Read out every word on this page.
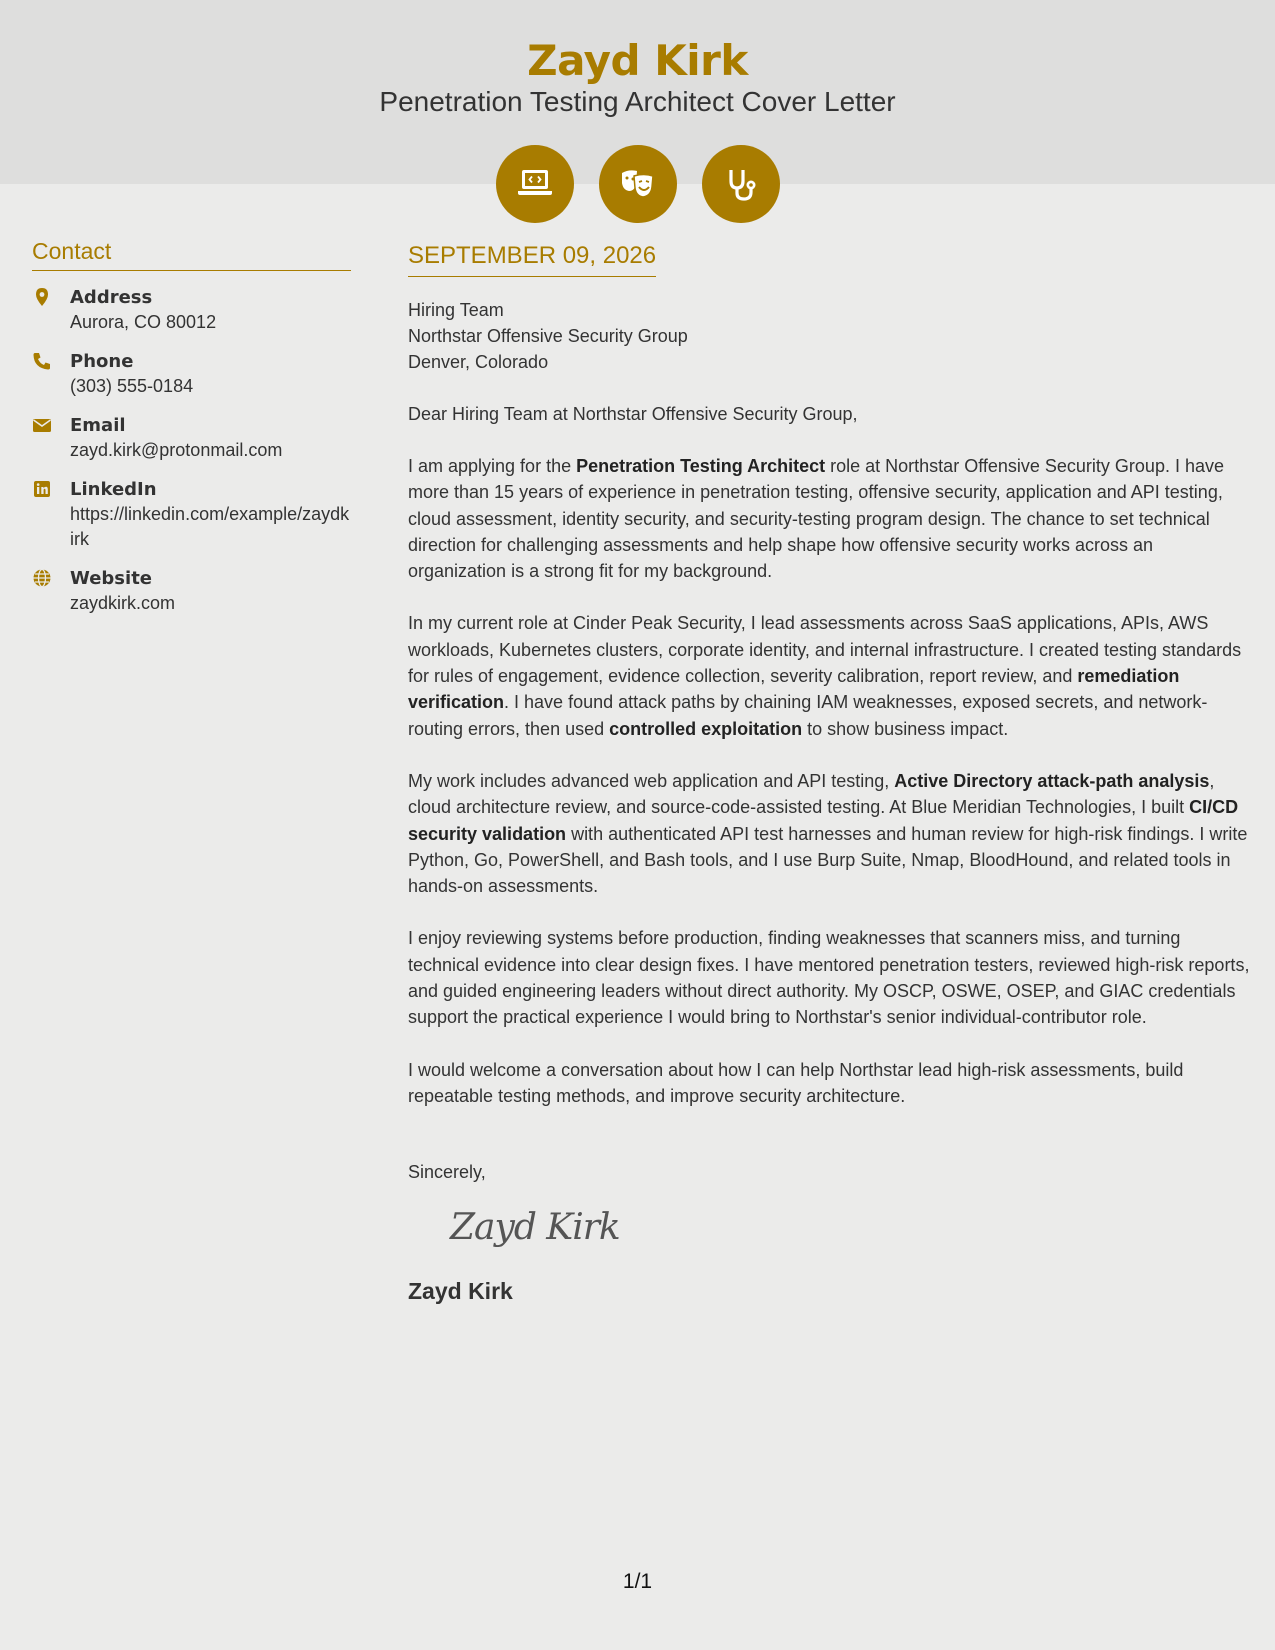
Zayd Kirk
Penetration Testing Architect Cover Letter
Contact
Address
Aurora, CO 80012
Phone
(303) 555-0184
Email
zayd.kirk@protonmail.com
LinkedIn
https://linkedin.com/example/zaydkirk
Website
zaydkirk.com
SEPTEMBER 09, 2026
Hiring Team
Northstar Offensive Security Group
Denver, Colorado
Dear Hiring Team at Northstar Offensive Security Group,

I am applying for the Penetration Testing Architect role at Northstar Offensive Security Group. I have more than 15 years of experience in penetration testing, offensive security, application and API testing, cloud assessment, identity security, and security-testing program design. The chance to set technical direction for challenging assessments and help shape how offensive security works across an organization is a strong fit for my background.

In my current role at Cinder Peak Security, I lead assessments across SaaS applications, APIs, AWS workloads, Kubernetes clusters, corporate identity, and internal infrastructure. I created testing standards for rules of engagement, evidence collection, severity calibration, report review, and remediation verification. I have found attack paths by chaining IAM weaknesses, exposed secrets, and network-routing errors, then used controlled exploitation to show business impact.

My work includes advanced web application and API testing, Active Directory attack-path analysis, cloud architecture review, and source-code-assisted testing. At Blue Meridian Technologies, I built CI/CD security validation with authenticated API test harnesses and human review for high-risk findings. I write Python, Go, PowerShell, and Bash tools, and I use Burp Suite, Nmap, BloodHound, and related tools in hands-on assessments.

I enjoy reviewing systems before production, finding weaknesses that scanners miss, and turning technical evidence into clear design fixes. I have mentored penetration testers, reviewed high-risk reports, and guided engineering leaders without direct authority. My OSCP, OSWE, OSEP, and GIAC credentials support the practical experience I would bring to Northstar's senior individual-contributor role.

I would welcome a conversation about how I can help Northstar lead high-risk assessments, build repeatable testing methods, and improve security architecture.

Sincerely,
Zayd Kirk
Zayd Kirk
1/1
